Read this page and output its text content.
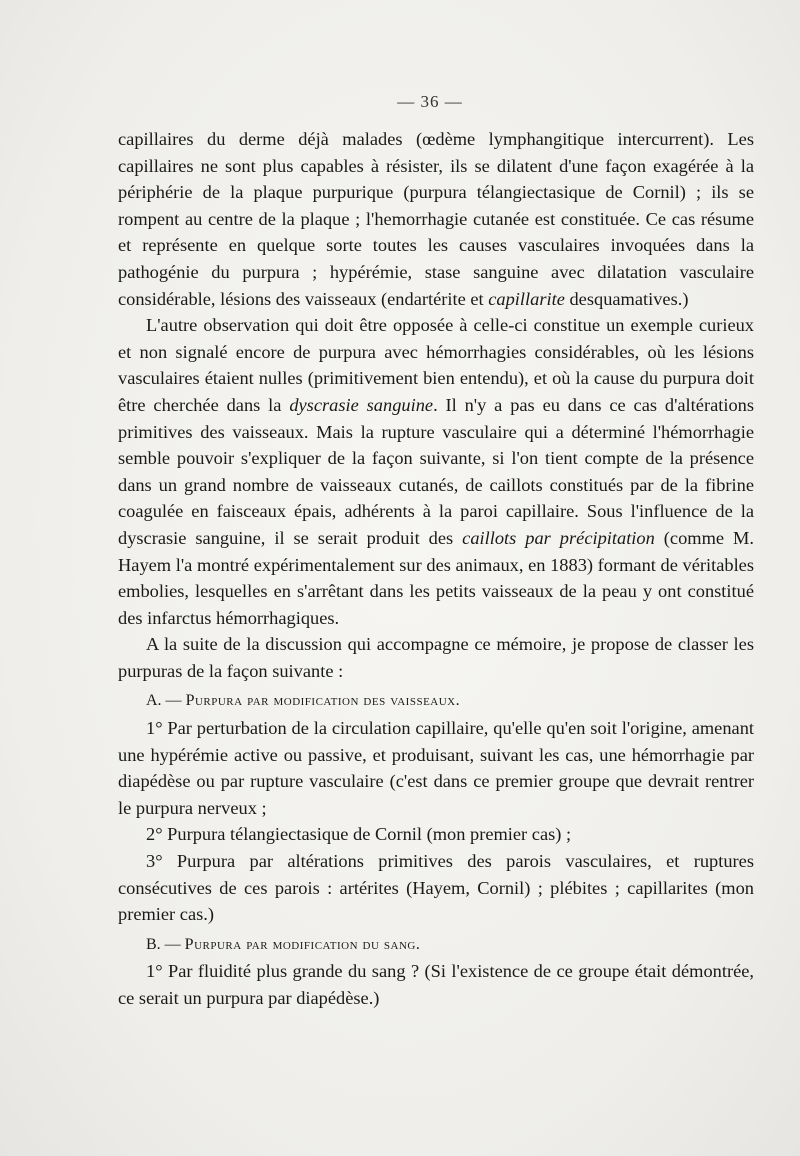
— 36 —

capillaires du derme déjà malades (œdème lymphangitique intercurrent). Les capillaires ne sont plus capables à résister, ils se dilatent d'une façon exagérée à la périphérie de la plaque purpurique (purpura télangiectasique de Cornil) ; ils se rompent au centre de la plaque ; l'hemorrhagie cutanée est constituée. Ce cas résume et représente en quelque sorte toutes les causes vasculaires invoquées dans la pathogénie du purpura ; hypérémie, stase sanguine avec dilatation vasculaire considérable, lésions des vaisseaux (endartérite et capillarite desquamatives.)

L'autre observation qui doit être opposée à celle-ci constitue un exemple curieux et non signalé encore de purpura avec hémorrhagies considérables, où les lésions vasculaires étaient nulles (primitivement bien entendu), et où la cause du purpura doit être cherchée dans la dyscrasie sanguine. Il n'y a pas eu dans ce cas d'altérations primitives des vaisseaux. Mais la rupture vasculaire qui a déterminé l'hémorrhagie semble pouvoir s'expliquer de la façon suivante, si l'on tient compte de la présence dans un grand nombre de vaisseaux cutanés, de caillots constitués par de la fibrine coagulée en faisceaux épais, adhérents à la paroi capillaire. Sous l'influence de la dyscrasie sanguine, il se serait produit des caillots par précipitation (comme M. Hayem l'a montré expérimentalement sur des animaux, en 1883) formant de véritables embolies, lesquelles en s'arrêtant dans les petits vaisseaux de la peau y ont constitué des infarctus hémorrhagiques.

A la suite de la discussion qui accompagne ce mémoire, je propose de classer les purpuras de la façon suivante :

A. — Purpura par modification des vaisseaux.

1° Par perturbation de la circulation capillaire, qu'elle qu'en soit l'origine, amenant une hypérémie active ou passive, et produisant, suivant les cas, une hémorrhagie par diapédèse ou par rupture vasculaire (c'est dans ce premier groupe que devrait rentrer le purpura nerveux ;

2° Purpura télangiectasique de Cornil (mon premier cas) ;

3° Purpura par altérations primitives des parois vasculaires, et ruptures consécutives de ces parois : artérites (Hayem, Cornil) ; plébites ; capillarites (mon premier cas.)

B. — Purpura par modification du sang.

1° Par fluidité plus grande du sang ? (Si l'existence de ce groupe était démontrée, ce serait un purpura par diapédèse.)
